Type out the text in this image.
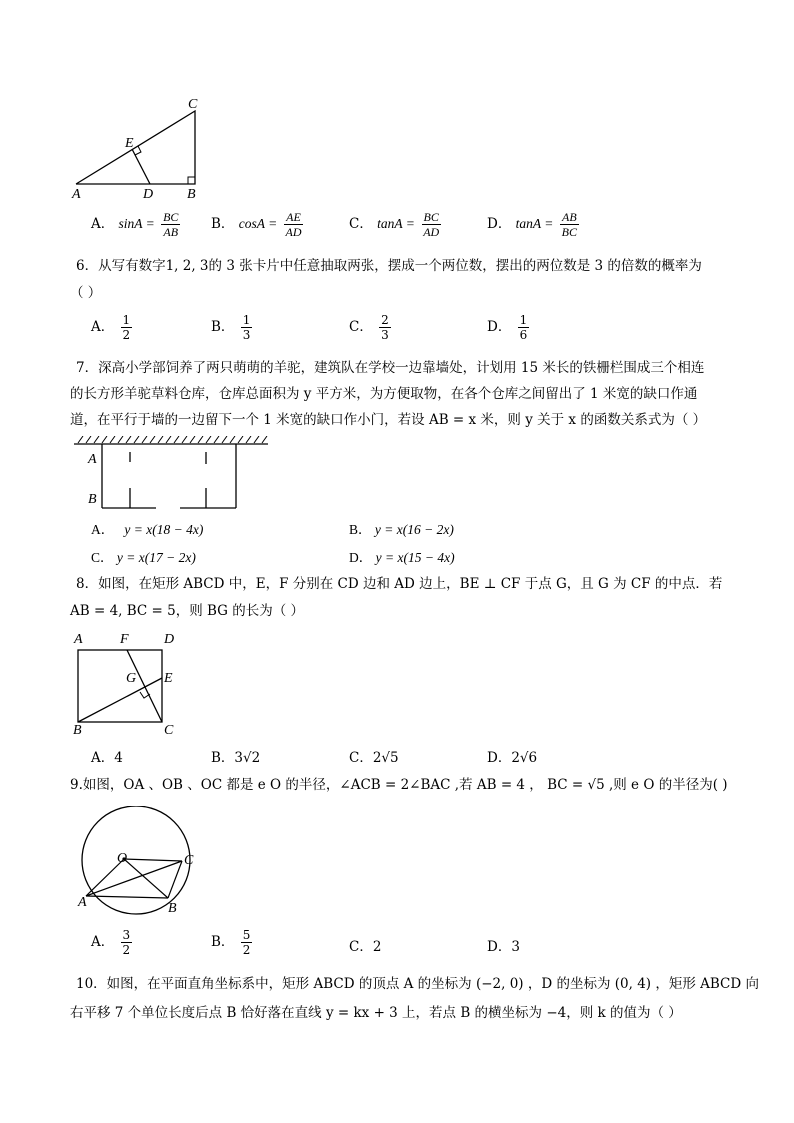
C
E
A	D B
A． $\sin A = \frac{BC}{AB}$ B． $\cos A = \frac{AE}{AD}$	C． $\tan A = \frac{BC}{AD}$	D． $\tan A = \frac{AB}{BC}$
6．从写有数字1, 2, 3的 3 张卡片中任意抽取两张，摆成一个两位数，摆出的两位数是 3 的倍数的概率为
（ ）
A． $\frac{1}{2}$	B． $\frac{1}{3}$	C． $\frac{2}{3}$	D． $\frac{1}{6}$
7．深高小学部饲养了两只萌萌的羊驼，建筑队在学校一边靠墙处，计划用 15 米长的铁栅栏围成三个相连
的长方形羊驼草料仓库，仓库总面积为 y 平方米，为方便取物，在各个仓库之间留出了 1 米宽的缺口作通
道，在平行于墙的一边留下一个 1 米宽的缺口作小门，若设 AB = x 米，则 y 关于 x 的函数关系式为（ ）
A
B
A． y = x(18 − 4x)	B． y = x(16 − 2x)
C． y = x(17 − 2x)	D． y = x(15 − 4x)
8．如图，在矩形 ABCD 中，E，F 分别在 CD 边和 AD 边上，BE ⊥ CF 于点 G，且 G 为 CF 的中点．若
AB = 4, BC = 5，则 BG 的长为（ ）
A	F	D
G E
B	C
A．4	B．3√2	C．2√5	D．2√6
9.如图，OA 、OB 、OC 都是 e O 的半径，∠ACB = 2∠BAC ,若 AB = 4 ， BC = √5 ,则 e O 的半径为( )
O	C
A	B
A． $\frac{3}{2}$	B． $\frac{5}{2}$	C．2	D．3
10．如图，在平面直角坐标系中，矩形 ABCD 的顶点 A 的坐标为 (−2, 0) ，D 的坐标为 (0, 4) ，矩形 ABCD 向
右平移 7 个单位长度后点 B 恰好落在直线 y = kx + 3 上，若点 B 的横坐标为 −4，则 k 的值为（ ）
